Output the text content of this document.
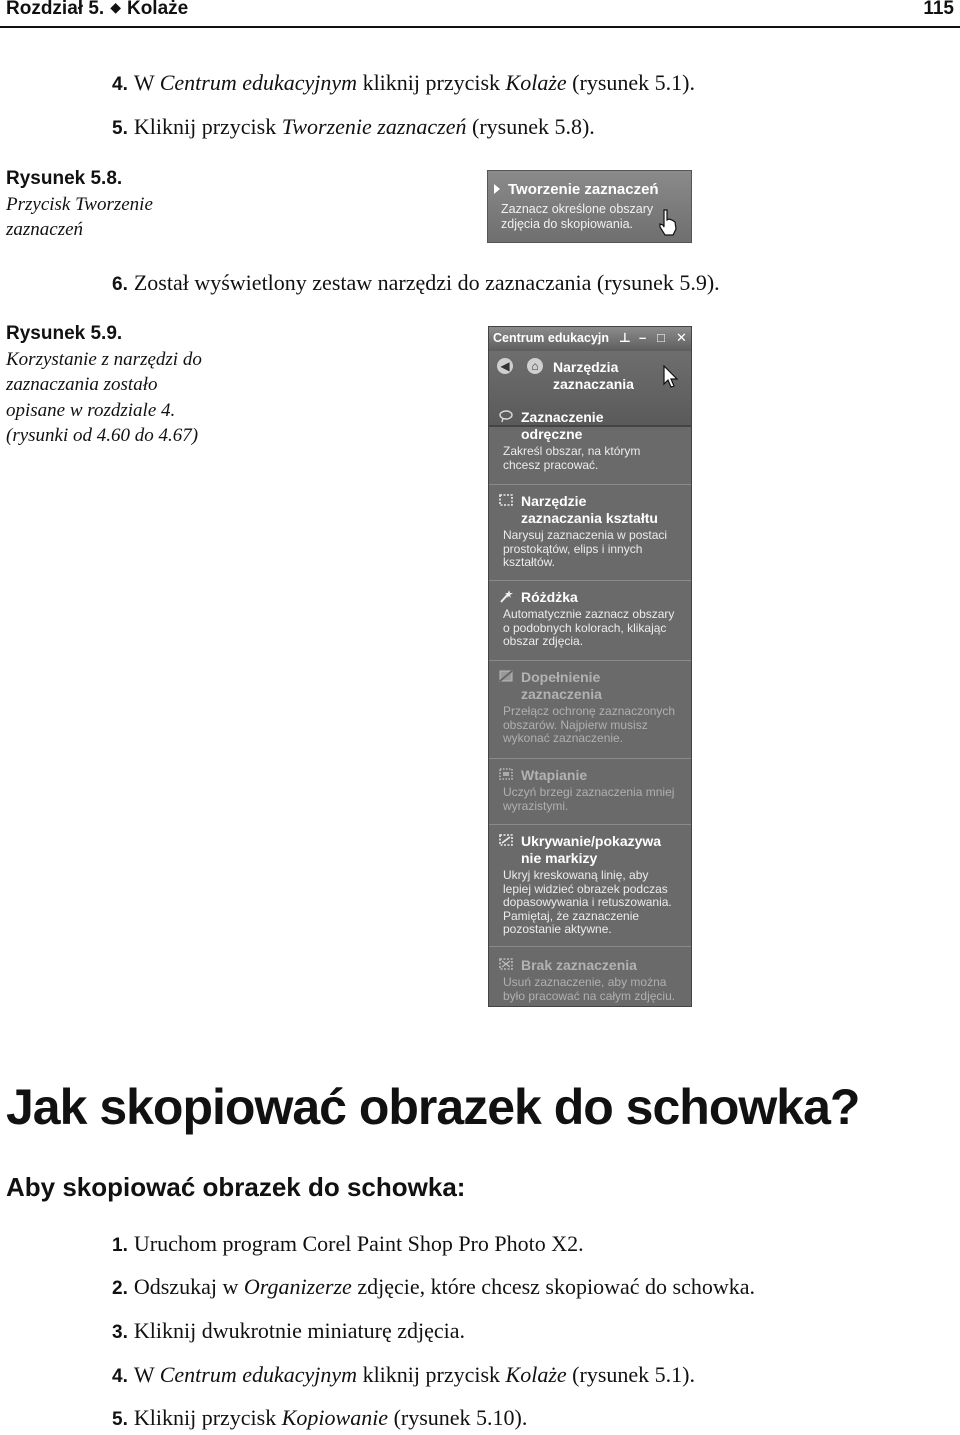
Rozdział 5. ◆ Kolaże	115
4. W Centrum edukacyjnym kliknij przycisk Kolaże (rysunek 5.1).
5. Kliknij przycisk Tworzenie zaznaczeń (rysunek 5.8).
Rysunek 5.8.
Przycisk Tworzenie zaznaczeń
Tworzenie zaznaczeń
Zaznacz określone obszary zdjęcia do skopiowania.
6. Został wyświetlony zestaw narzędzi do zaznaczania (rysunek 5.9).
Rysunek 5.9.
Korzystanie z narzędzi do zaznaczania zostało opisane w rozdziale 4. (rysunki od 4.60 do 4.67)
Centrum edukacyjn ⊥ – □ ✕
◀	⌂	Narzędzia
zaznaczania
Zaznaczenie
odręczne
Zakreśl obszar, na którym
chcesz pracować.
Narzędzie
zaznaczania kształtu
Narysuj zaznaczenia w postaci
prostokątów, elips i innych
kształtów.
Różdżka
Automatycznie zaznacz obszary
o podobnych kolorach, klikając
obszar zdjęcia.
Dopełnienie
zaznaczenia
Przełącz ochronę zaznaczonych
obszarów. Najpierw musisz
wykonać zaznaczenie.
Wtapianie
Uczyń brzegi zaznaczenia mniej
wyrazistymi.
Ukrywanie/pokazywa
nie markizy
Ukryj kreskowaną linię, aby
lepiej widzieć obrazek podczas
dopasowywania i retuszowania.
Pamiętaj, że zaznaczenie
pozostanie aktywne.
Brak zaznaczenia
Usuń zaznaczenie, aby można
było pracować na całym zdjęciu.
Jak skopiować obrazek do schowka?
Aby skopiować obrazek do schowka:
1. Uruchom program Corel Paint Shop Pro Photo X2.
2. Odszukaj w Organizerze zdjęcie, które chcesz skopiować do schowka.
3. Kliknij dwukrotnie miniaturę zdjęcia.
4. W Centrum edukacyjnym kliknij przycisk Kolaże (rysunek 5.1).
5. Kliknij przycisk Kopiowanie (rysunek 5.10).
